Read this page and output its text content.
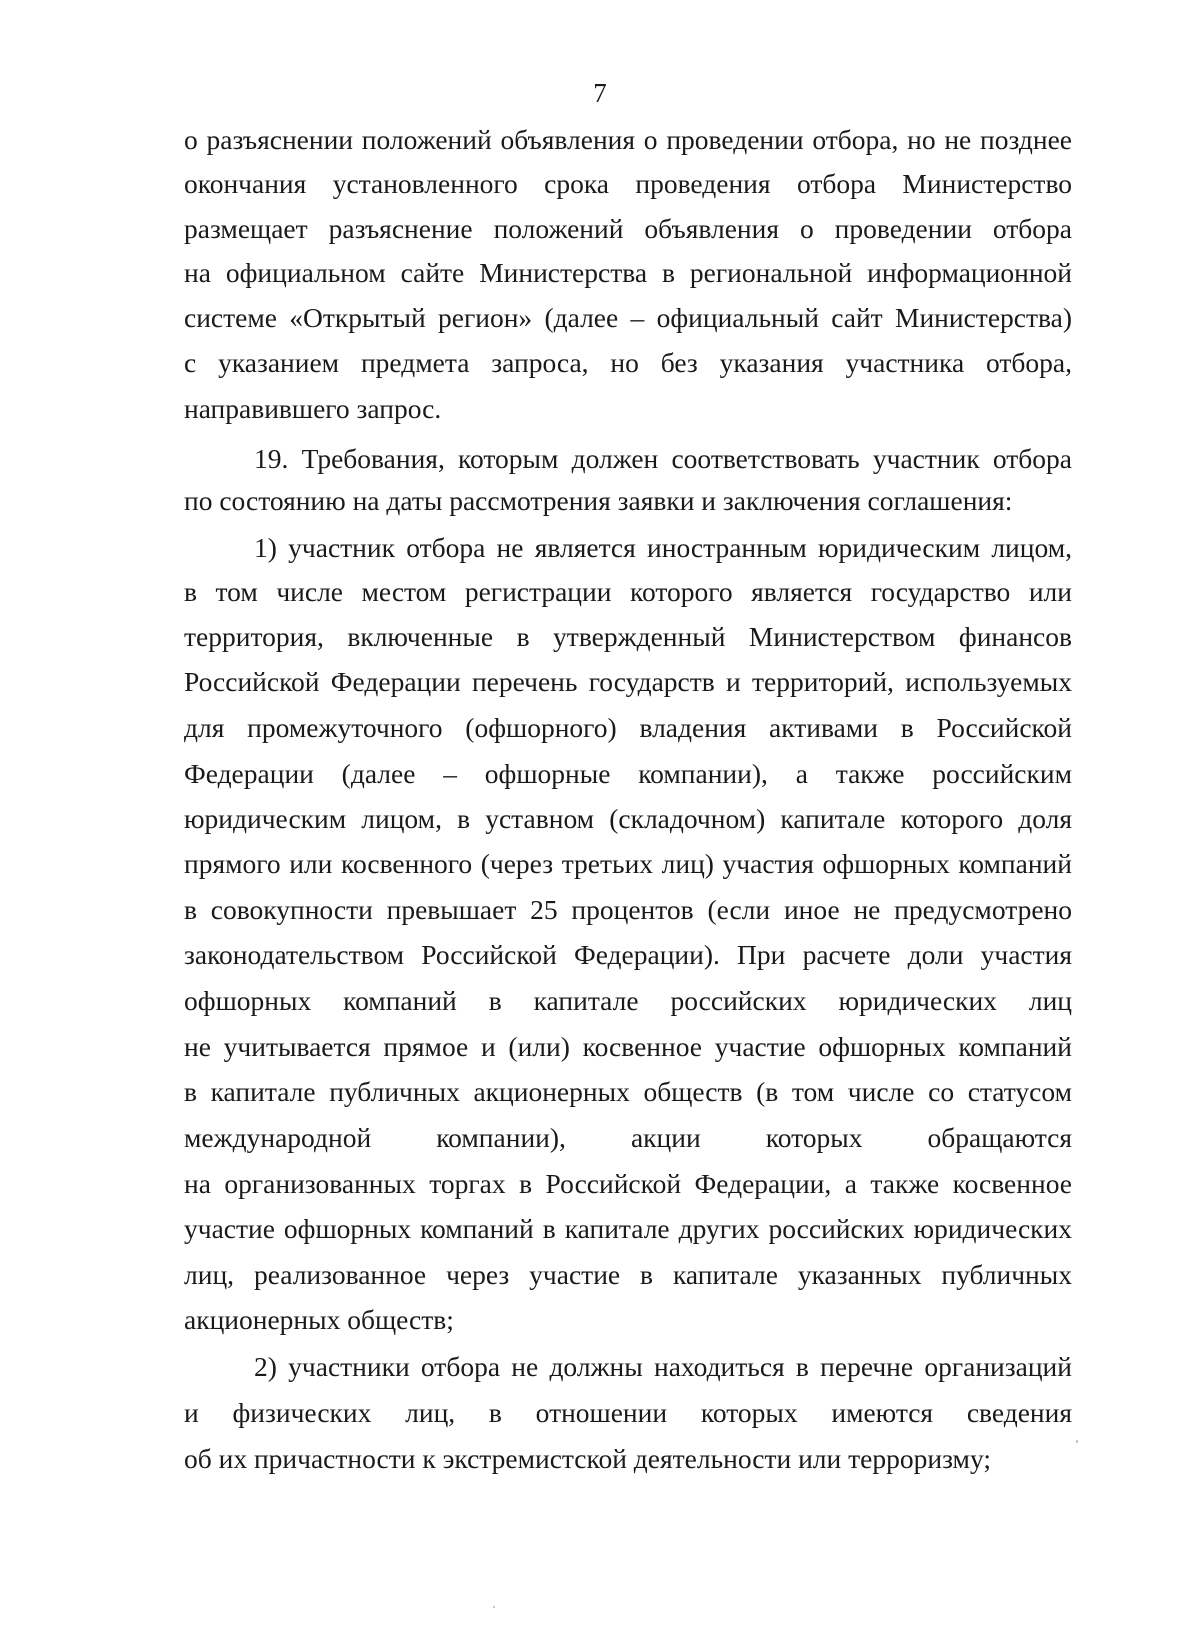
7
о разъяснении положений объявления о проведении отбора, но не позднее
окончания установленного срока проведения отбора Министерство
размещает разъяснение положений объявления о проведении отбора
на официальном сайте Министерства в региональной информационной
системе «Открытый регион» (далее – официальный сайт Министерства)
с указанием предмета запроса, но без указания участника отбора,
направившего запрос.
19. Требования, которым должен соответствовать участник отбора
по состоянию на даты рассмотрения заявки и заключения соглашения:
1) участник отбора не является иностранным юридическим лицом,
в том числе местом регистрации которого является государство или
территория, включенные в утвержденный Министерством финансов
Российской Федерации перечень государств и территорий, используемых
для промежуточного (офшорного) владения активами в Российской
Федерации (далее – офшорные компании), а также российским
юридическим лицом, в уставном (складочном) капитале которого доля
прямого или косвенного (через третьих лиц) участия офшорных компаний
в совокупности превышает 25 процентов (если иное не предусмотрено
законодательством Российской Федерации). При расчете доли участия
офшорных компаний в капитале российских юридических лиц
не учитывается прямое и (или) косвенное участие офшорных компаний
в капитале публичных акционерных обществ (в том числе со статусом
международной компании), акции которых обращаются
на организованных торгах в Российской Федерации, а также косвенное
участие офшорных компаний в капитале других российских юридических
лиц, реализованное через участие в капитале указанных публичных
акционерных обществ;
2) участники отбора не должны находиться в перечне организаций
и физических лиц, в отношении которых имеются сведения
об их причастности к экстремистской деятельности или терроризму;
